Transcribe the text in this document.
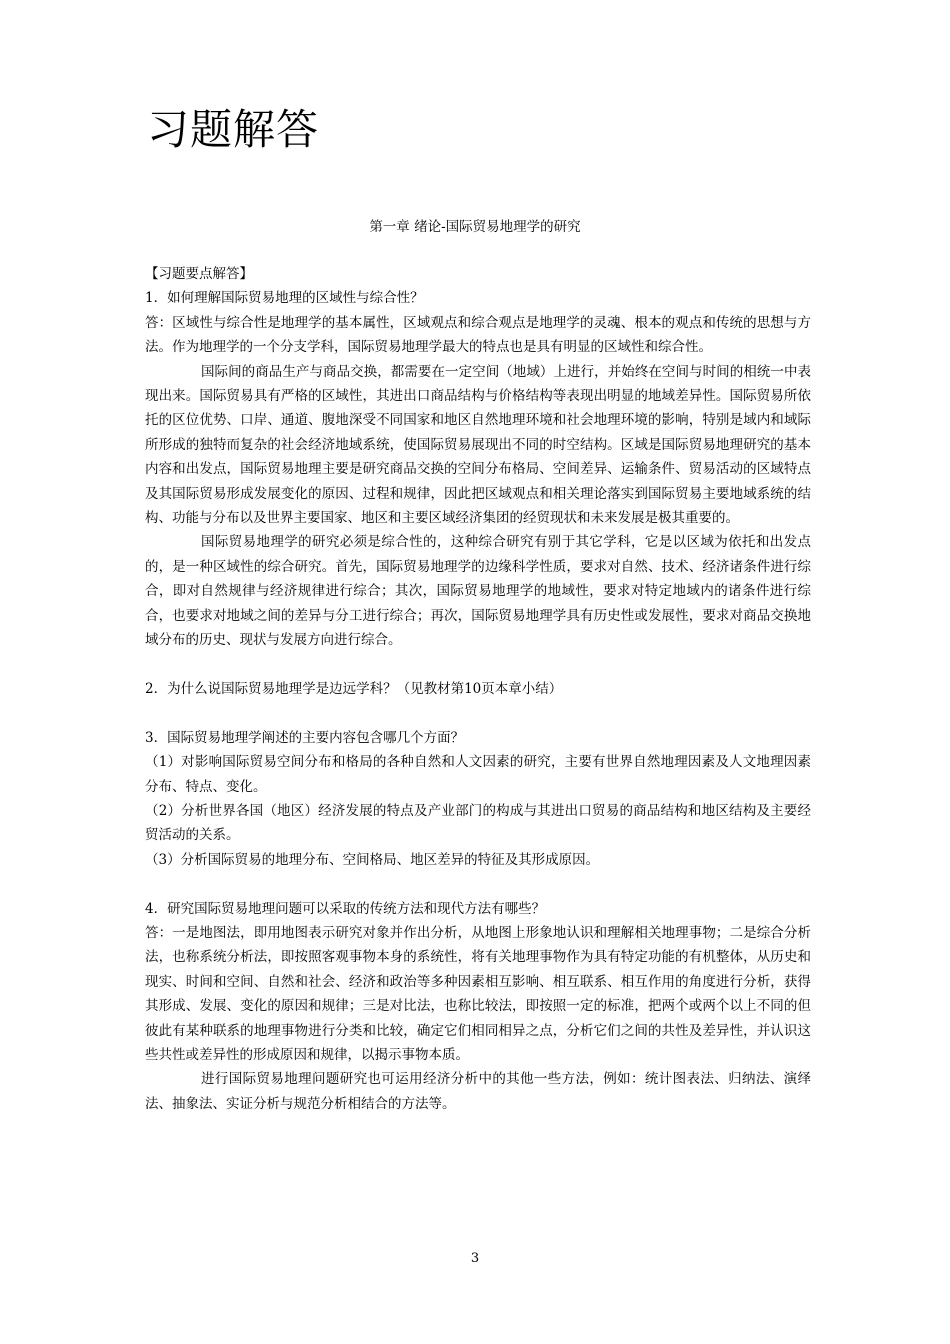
习题解答
第一章 绪论-国际贸易地理学的研究

【习题要点解答】

1．如何理解国际贸易地理的区域性与综合性？

答：区域性与综合性是地理学的基本属性，区域观点和综合观点是地理学的灵魂、根本的观点和传统的思想与方法。作为地理学的一个分支学科，国际贸易地理学最大的特点也是具有明显的区域性和综合性。

国际间的商品生产与商品交换，都需要在一定空间（地域）上进行，并始终在空间与时间的相统一中表现出来。国际贸易具有严格的区域性，其进出口商品结构与价格结构等表现出明显的地域差异性。国际贸易所依托的区位优势、口岸、通道、腹地深受不同国家和地区自然地理环境和社会地理环境的影响，特别是域内和域际所形成的独特而复杂的社会经济地域系统，使国际贸易展现出不同的时空结构。区域是国际贸易地理研究的基本内容和出发点，国际贸易地理主要是研究商品交换的空间分布格局、空间差异、运输条件、贸易活动的区域特点及其国际贸易形成发展变化的原因、过程和规律，因此把区域观点和相关理论落实到国际贸易主要地域系统的结构、功能与分布以及世界主要国家、地区和主要区域经济集团的经贸现状和未来发展是极其重要的。

国际贸易地理学的研究必须是综合性的，这种综合研究有别于其它学科，它是以区域为依托和出发点的，是一种区域性的综合研究。首先，国际贸易地理学的边缘科学性质，要求对自然、技术、经济诸条件进行综合，即对自然规律与经济规律进行综合；其次，国际贸易地理学的地域性，要求对特定地域内的诸条件进行综合，也要求对地域之间的差异与分工进行综合；再次，国际贸易地理学具有历史性或发展性，要求对商品交换地域分布的历史、现状与发展方向进行综合。

2．为什么说国际贸易地理学是边远学科？（见教材第10页本章小结）

3．国际贸易地理学阐述的主要内容包含哪几个方面？

（1）对影响国际贸易空间分布和格局的各种自然和人文因素的研究，主要有世界自然地理因素及人文地理因素分布、特点、变化。

（2）分析世界各国（地区）经济发展的特点及产业部门的构成与其进出口贸易的商品结构和地区结构及主要经贸活动的关系。

（3）分析国际贸易的地理分布、空间格局、地区差异的特征及其形成原因。

4．研究国际贸易地理问题可以采取的传统方法和现代方法有哪些？

答：一是地图法，即用地图表示研究对象并作出分析，从地图上形象地认识和理解相关地理事物；二是综合分析法，也称系统分析法，即按照客观事物本身的系统性，将有关地理事物作为具有特定功能的有机整体，从历史和现实、时间和空间、自然和社会、经济和政治等多种因素相互影响、相互联系、相互作用的角度进行分析，获得其形成、发展、变化的原因和规律；三是对比法，也称比较法，即按照一定的标准，把两个或两个以上不同的但彼此有某种联系的地理事物进行分类和比较，确定它们相同相异之点，分析它们之间的共性及差异性，并认识这些共性或差异性的形成原因和规律，以揭示事物本质。

进行国际贸易地理问题研究也可运用经济分析中的其他一些方法，例如：统计图表法、归纳法、演绎法、抽象法、实证分析与规范分析相结合的方法等。

3
